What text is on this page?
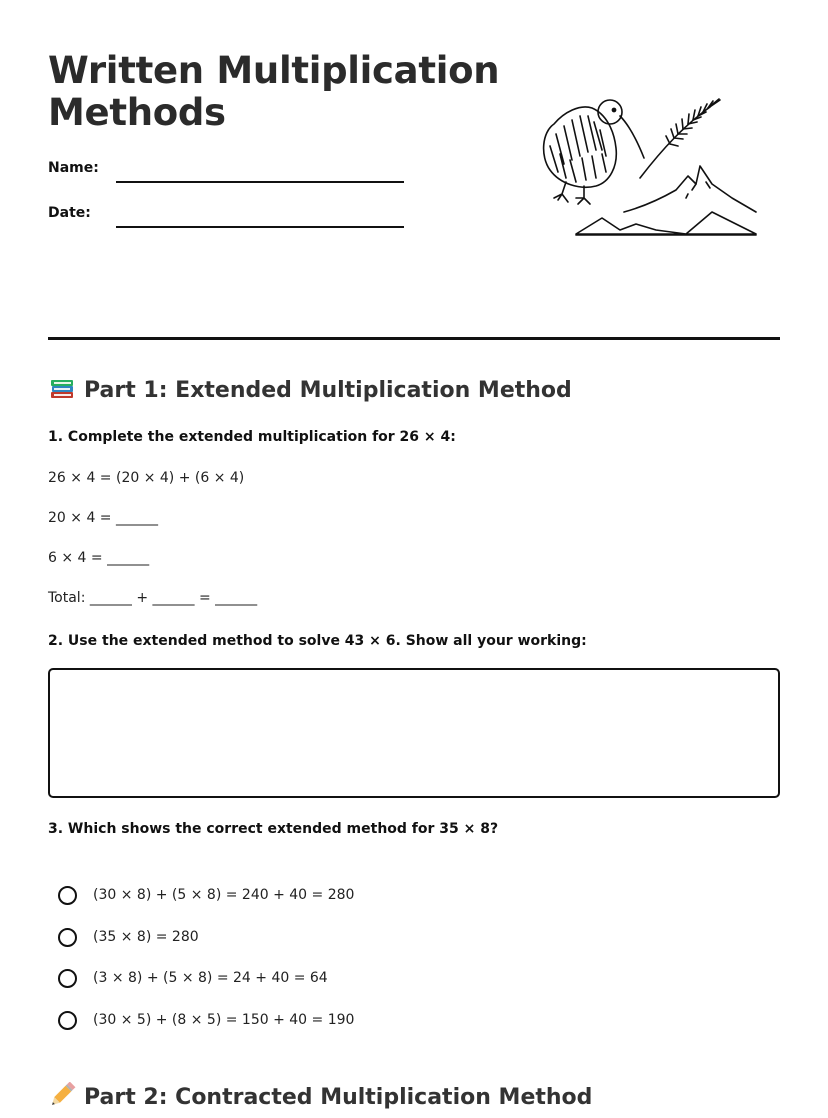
Written Multiplication
Methods
Name:
Date:
Part 1: Extended Multiplication Method
1. Complete the extended multiplication for 26 × 4:
26 × 4 = (20 × 4) + (6 × 4)
20 × 4 = ______
6 × 4 = ______
Total: ______ + ______ = ______
2. Use the extended method to solve 43 × 6. Show all your working:
3. Which shows the correct extended method for 35 × 8?
(30 × 8) + (5 × 8) = 240 + 40 = 280
(35 × 8) = 280
(3 × 8) + (5 × 8) = 24 + 40 = 64
(30 × 5) + (8 × 5) = 150 + 40 = 190
Part 2: Contracted Multiplication Method
